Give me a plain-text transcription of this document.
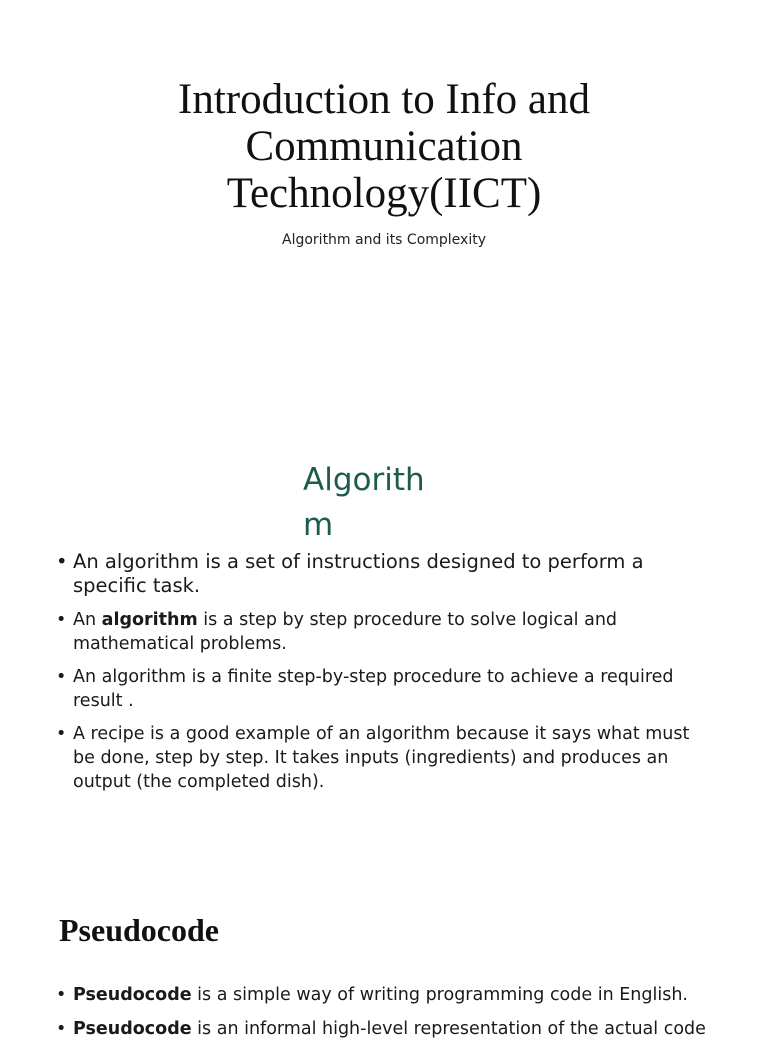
Introduction to Info and
Communication
Technology(IICT)

Algorithm and its Complexity

Algorith
m
• An algorithm is a set of instructions designed to perform a specific task.
• An algorithm is a step by step procedure to solve logical and mathematical problems.
• An algorithm is a finite step-by-step procedure to achieve a required result .
• A recipe is a good example of an algorithm because it says what must be done, step by step. It takes inputs (ingredients) and produces an output (the completed dish).
Pseudocode
• Pseudocode is a simple way of writing programming code in English.
• Pseudocode is an informal high-level representation of the actual code
